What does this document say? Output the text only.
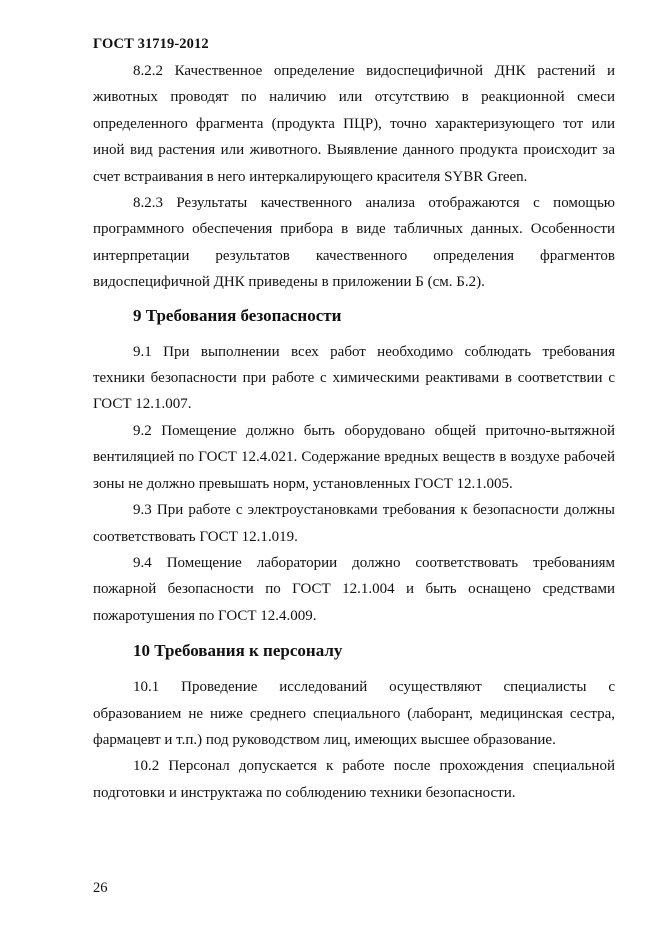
ГОСТ 31719-2012

8.2.2 Качественное определение видоспецифичной ДНК растений и животных проводят по наличию или отсутствию в реакционной смеси определенного фрагмента (продукта ПЦР), точно характеризующего тот или иной вид растения или животного. Выявление данного продукта происходит за счет встраивания в него интеркалирующего красителя SYBR Green.

8.2.3 Результаты качественного анализа отображаются с помощью программного обеспечения прибора в виде табличных данных. Особенности интерпретации результатов качественного определения фрагментов видоспецифичной ДНК приведены в приложении Б (см. Б.2).

9 Требования безопасности

9.1 При выполнении всех работ необходимо соблюдать требования техники безопасности при работе с химическими реактивами в соответствии с ГОСТ 12.1.007.

9.2 Помещение должно быть оборудовано общей приточно-вытяжной вентиляцией по ГОСТ 12.4.021. Содержание вредных веществ в воздухе рабочей зоны не должно превышать норм, установленных ГОСТ 12.1.005.

9.3 При работе с электроустановками требования к безопасности должны соответствовать ГОСТ 12.1.019.

9.4 Помещение лаборатории должно соответствовать требованиям пожарной безопасности по ГОСТ 12.1.004 и быть оснащено средствами пожаротушения по ГОСТ 12.4.009.

10 Требования к персоналу

10.1 Проведение исследований осуществляют специалисты с образованием не ниже среднего специального (лаборант, медицинская сестра, фармацевт и т.п.) под руководством лиц, имеющих высшее образование.

10.2 Персонал допускается к работе после прохождения специальной подготовки и инструктажа по соблюдению техники безопасности.

26
